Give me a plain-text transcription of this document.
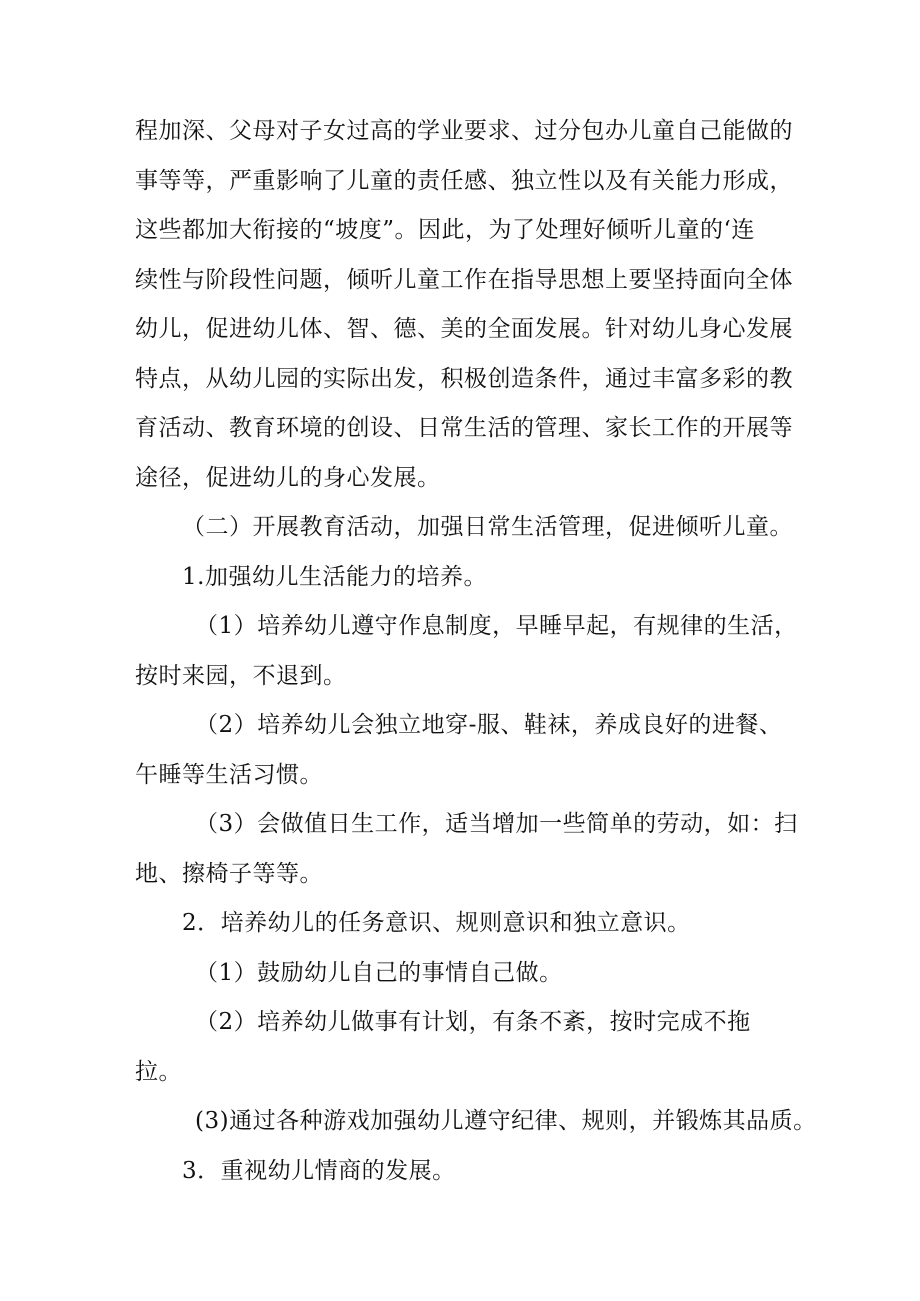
程加深、父母对子女过高的学业要求、过分包办儿童自己能做的
事等等，严重影响了儿童的责任感、独立性以及有关能力形成，
这些都加大衔接的“坡度”。因此，为了处理好倾听儿童的‘连
续性与阶段性问题，倾听儿童工作在指导思想上要坚持面向全体
幼儿，促进幼儿体、智、德、美的全面发展。针对幼儿身心发展
特点，从幼儿园的实际出发，积极创造条件，通过丰富多彩的教
育活动、教育环境的创设、日常生活的管理、家长工作的开展等
途径，促进幼儿的身心发展。
（二）开展教育活动，加强日常生活管理，促进倾听儿童。
1.加强幼儿生活能力的培养。
（1）培养幼儿遵守作息制度，早睡早起，有规律的生活，
按时来园，不退到。
（2）培养幼儿会独立地穿-服、鞋袜，养成良好的进餐、
午睡等生活习惯。
（3）会做值日生工作，适当增加一些简单的劳动，如：扫
地、擦椅子等等。
2．培养幼儿的任务意识、规则意识和独立意识。
（1）鼓励幼儿自己的事情自己做。
（2）培养幼儿做事有计划，有条不紊，按时完成不拖
拉。
(3)通过各种游戏加强幼儿遵守纪律、规则，并锻炼其品质。
3．重视幼儿情商的发展。
